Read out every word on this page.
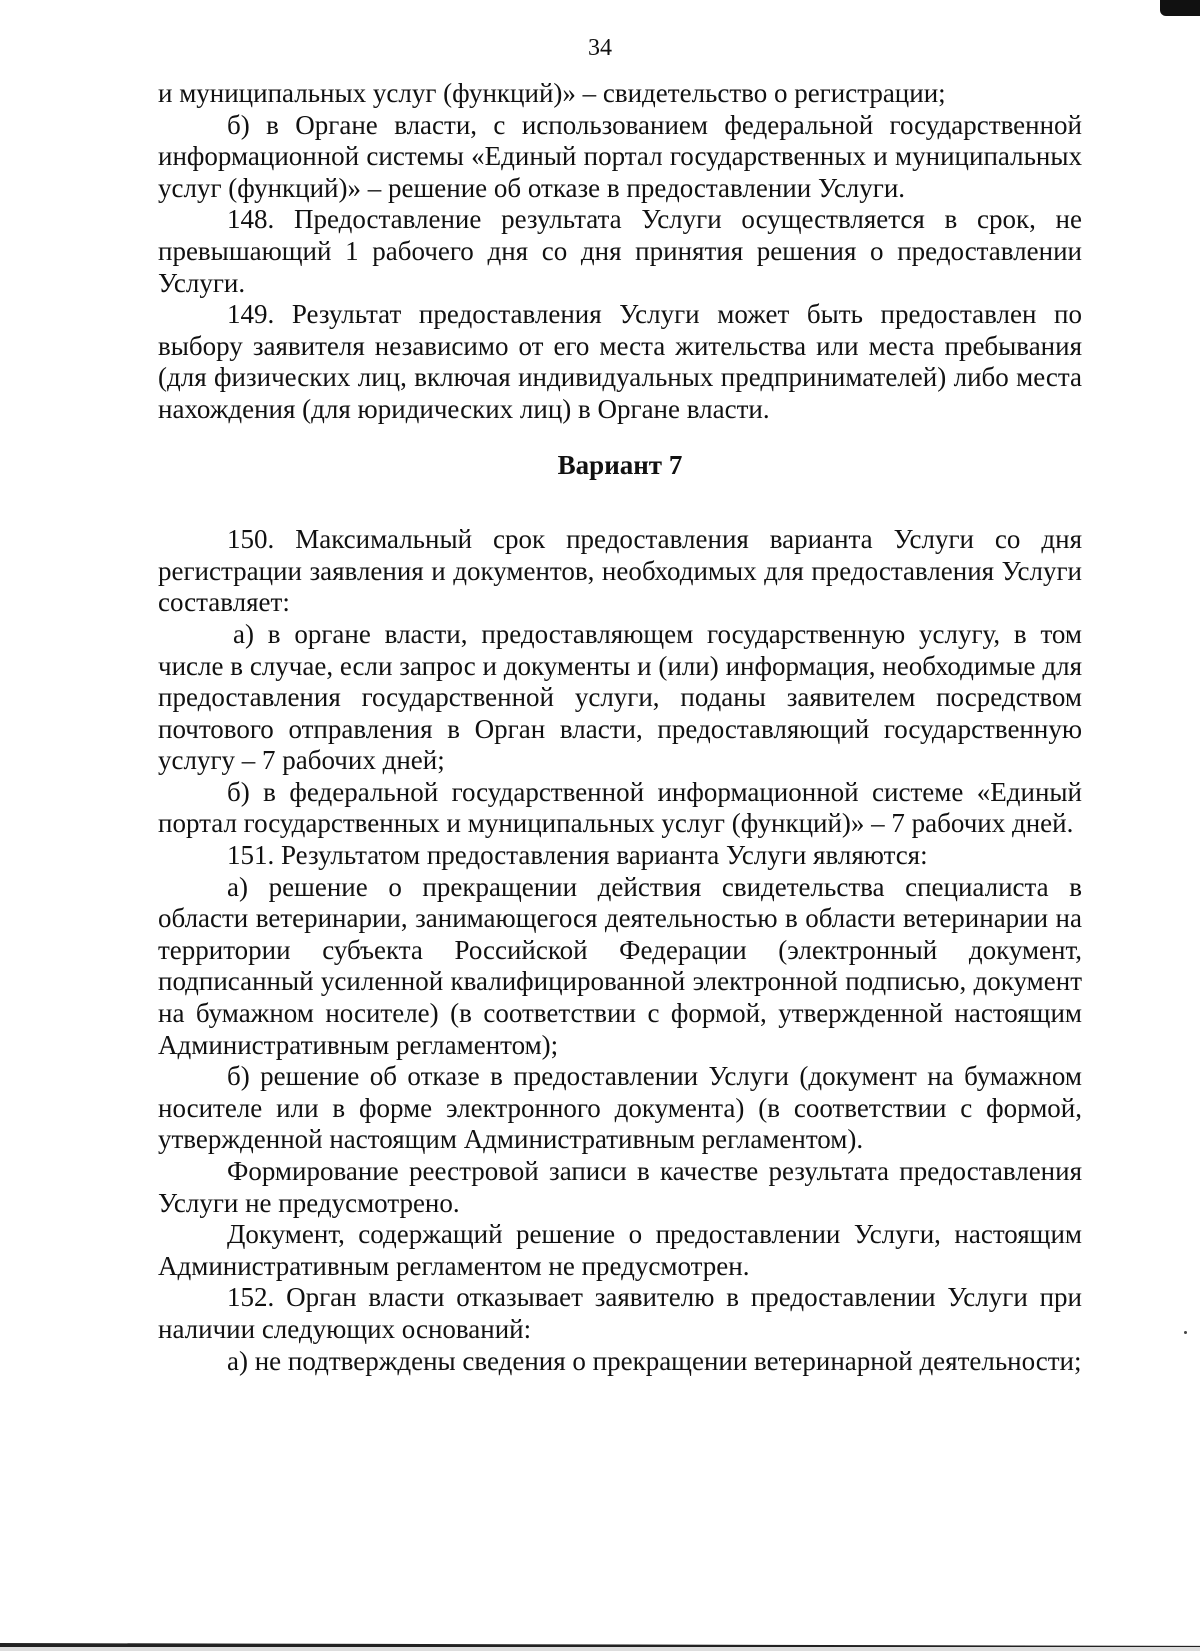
34

и муниципальных услуг (функций)» – свидетельство о регистрации;

б) в Органе власти, с использованием федеральной государственной информационной системы «Единый портал государственных и муниципальных услуг (функций)» – решение об отказе в предоставлении Услуги.

148. Предоставление результата Услуги осуществляется в срок, не превышающий 1 рабочего дня со дня принятия решения о предоставлении Услуги.

149. Результат предоставления Услуги может быть предоставлен по выбору заявителя независимо от его места жительства или места пребывания (для физических лиц, включая индивидуальных предпринимателей) либо места нахождения (для юридических лиц) в Органе власти.

Вариант 7

150. Максимальный срок предоставления варианта Услуги со дня регистрации заявления и документов, необходимых для предоставления Услуги составляет:

а) в органе власти, предоставляющем государственную услугу, в том числе в случае, если запрос и документы и (или) информация, необходимые для предоставления государственной услуги, поданы заявителем посредством почтового отправления в Орган власти, предоставляющий государственную услугу – 7 рабочих дней;

б) в федеральной государственной информационной системе «Единый портал государственных и муниципальных услуг (функций)» – 7 рабочих дней.

151. Результатом предоставления варианта Услуги являются:

а) решение о прекращении действия свидетельства специалиста в области ветеринарии, занимающегося деятельностью в области ветеринарии на территории субъекта Российской Федерации (электронный документ, подписанный усиленной квалифицированной электронной подписью, документ на бумажном носителе) (в соответствии с формой, утвержденной настоящим Административным регламентом);

б) решение об отказе в предоставлении Услуги (документ на бумажном носителе или в форме электронного документа) (в соответствии с формой, утвержденной настоящим Административным регламентом).

Формирование реестровой записи в качестве результата предоставления Услуги не предусмотрено.

Документ, содержащий решение о предоставлении Услуги, настоящим Административным регламентом не предусмотрен.

152. Орган власти отказывает заявителю в предоставлении Услуги при наличии следующих оснований:

а) не подтверждены сведения о прекращении ветеринарной деятельности;
